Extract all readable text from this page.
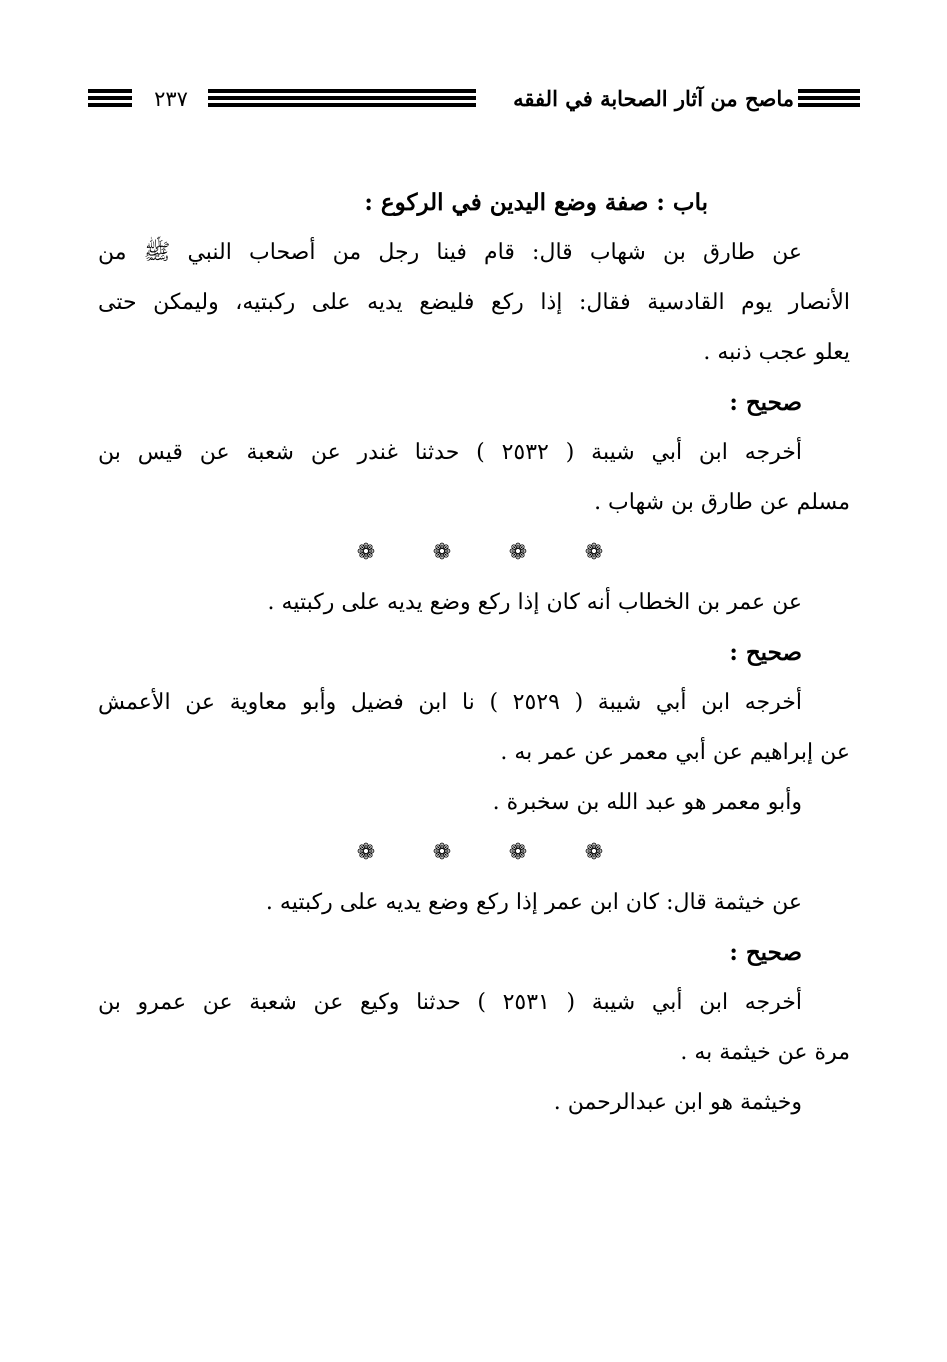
ماصح من آثار الصحابة في الفقه
٢٣٧
باب : صفة وضع اليدين في الركوع :
عن طارق بن شهاب قال: قام فينا رجل من أصحاب النبي ﷺ من
الأنصار يوم القادسية فقال: إذا ركع فليضع يديه على ركبتيه، وليمكن حتى
يعلو عجب ذنبه .
صحيح :
أخرجه ابن أبي شيبة ( ٢٥٣٢ ) حدثنا غندر عن شعبة عن قيس بن
مسلم عن طارق بن شهاب .
❁	❁	❁	❁
عن عمر بن الخطاب أنه كان إذا ركع وضع يديه على ركبتيه .
صحيح :
أخرجه ابن أبي شيبة ( ٢٥٢٩ ) نا ابن فضيل وأبو معاوية عن الأعمش
عن إبراهيم عن أبي معمر عن عمر به .
وأبو معمر هو عبد الله بن سخبرة .
❁	❁	❁	❁
عن خيثمة قال: كان ابن عمر إذا ركع وضع يديه على ركبتيه .
صحيح :
أخرجه ابن أبي شيبة ( ٢٥٣١ ) حدثنا وكيع عن شعبة عن عمرو بن
مرة عن خيثمة به .
وخيثمة هو ابن عبدالرحمن .
